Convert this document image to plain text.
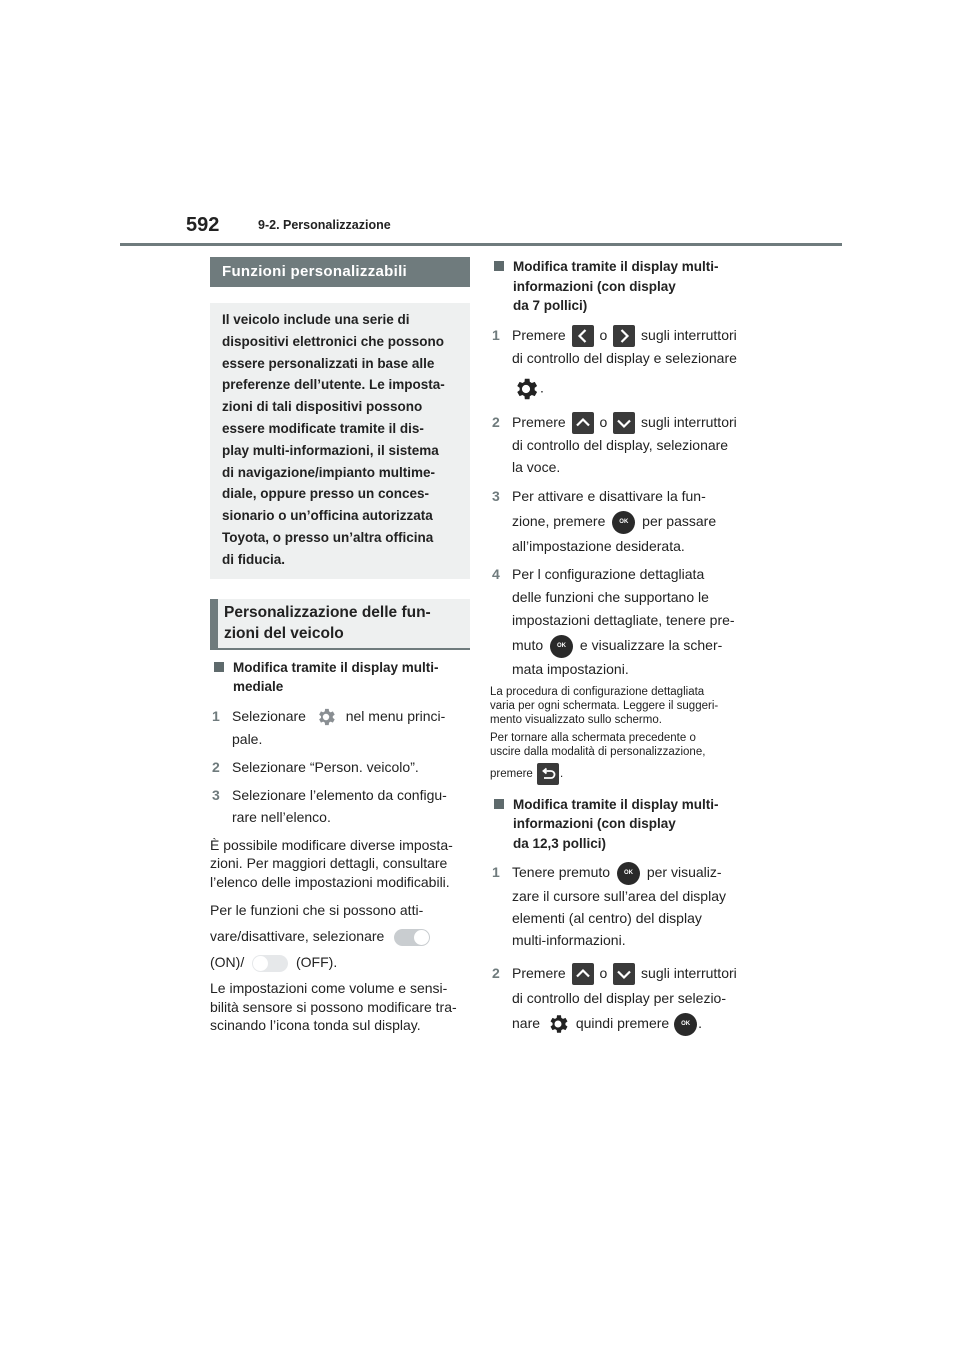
592	9-2. Personalizzazione
Funzioni personalizzabili
Il veicolo include una serie di
dispositivi elettronici che possono
essere personalizzati in base alle
preferenze dell’utente. Le imposta-
zioni di tali dispositivi possono
essere modificate tramite il dis-
play multi-informazioni, il sistema
di navigazione/impianto multime-
diale, oppure presso un conces-
sionario o un’officina autorizzata
Toyota, o presso un’altra officina
di fiducia.
Personalizzazione delle fun-
zioni del veicolo
Modifica tramite il display multi-
mediale
1 Selezionare	nel menu princi-
pale.
2 Selezionare “Person. veicolo”.
3 Selezionare l’elemento da configu-
rare nell’elenco.
È possibile modificare diverse imposta-
zioni. Per maggiori dettagli, consultare
l’elenco delle impostazioni modificabili.
Per le funzioni che si possono atti-
vare/disattivare, selezionare
(ON)/	(OFF).
Le impostazioni come volume e sensi-
bilità sensore si possono modificare tra-
scinando l’icona tonda sul display.
Modifica tramite il display multi-
informazioni (con display
da 7 pollici)
1 Premere o sugli interruttori
di controllo del display e selezionare
.
2 Premere o sugli interruttori
di controllo del display, selezionare
la voce.
3 Per attivare e disattivare la fun-
zione, premere OK per passare
all’impostazione desiderata.
4 Per l configurazione dettagliata
delle funzioni che supportano le
impostazioni dettagliate, tenere pre-
muto OK e visualizzare la scher-
mata impostazioni.
La procedura di configurazione dettagliata
varia per ogni schermata. Leggere il suggeri-
mento visualizzato sullo schermo.
Per tornare alla schermata precedente o
uscire dalla modalità di personalizzazione,
premere .
Modifica tramite il display multi-
informazioni (con display
da 12,3 pollici)
1 Tenere premuto OK per visualiz-
zare il cursore sull’area del display
elementi (al centro) del display
multi-informazioni.
2 Premere o sugli interruttori
di controllo del display per selezio-
nare	quindi premere OK .
